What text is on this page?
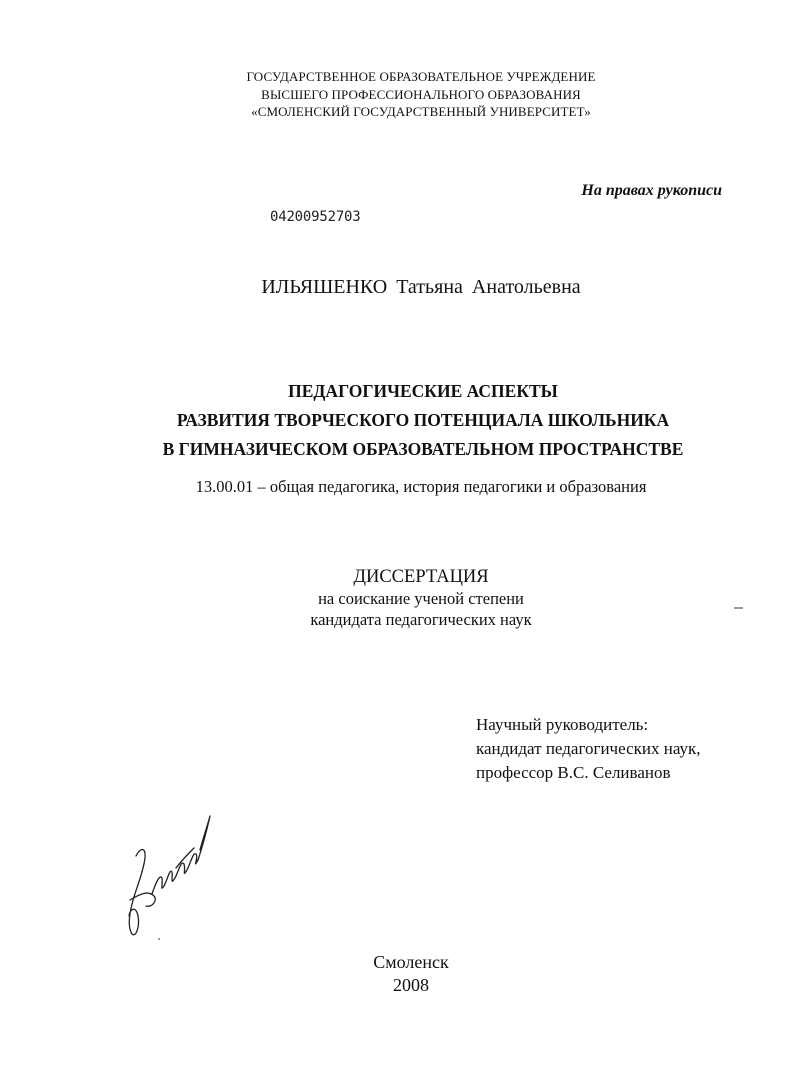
ГОСУДАРСТВЕННОЕ ОБРАЗОВАТЕЛЬНОЕ УЧРЕЖДЕНИЕ
ВЫСШЕГО ПРОФЕССИОНАЛЬНОГО ОБРАЗОВАНИЯ
«СМОЛЕНСКИЙ ГОСУДАРСТВЕННЫЙ УНИВЕРСИТЕТ»
На правах рукописи
04200952703
ИЛЬЯШЕНКО Татьяна Анатольевна
ПЕДАГОГИЧЕСКИЕ АСПЕКТЫ
РАЗВИТИЯ ТВОРЧЕСКОГО ПОТЕНЦИАЛА ШКОЛЬНИКА
В ГИМНАЗИЧЕСКОМ ОБРАЗОВАТЕЛЬНОМ ПРОСТРАНСТВЕ
13.00.01 – общая педагогика, история педагогики и образования
ДИССЕРТАЦИЯ
на соискание ученой степени
кандидата педагогических наук
Научный руководитель:
кандидат педагогических наук,
профессор В.С. Селиванов
Смоленск
2008
